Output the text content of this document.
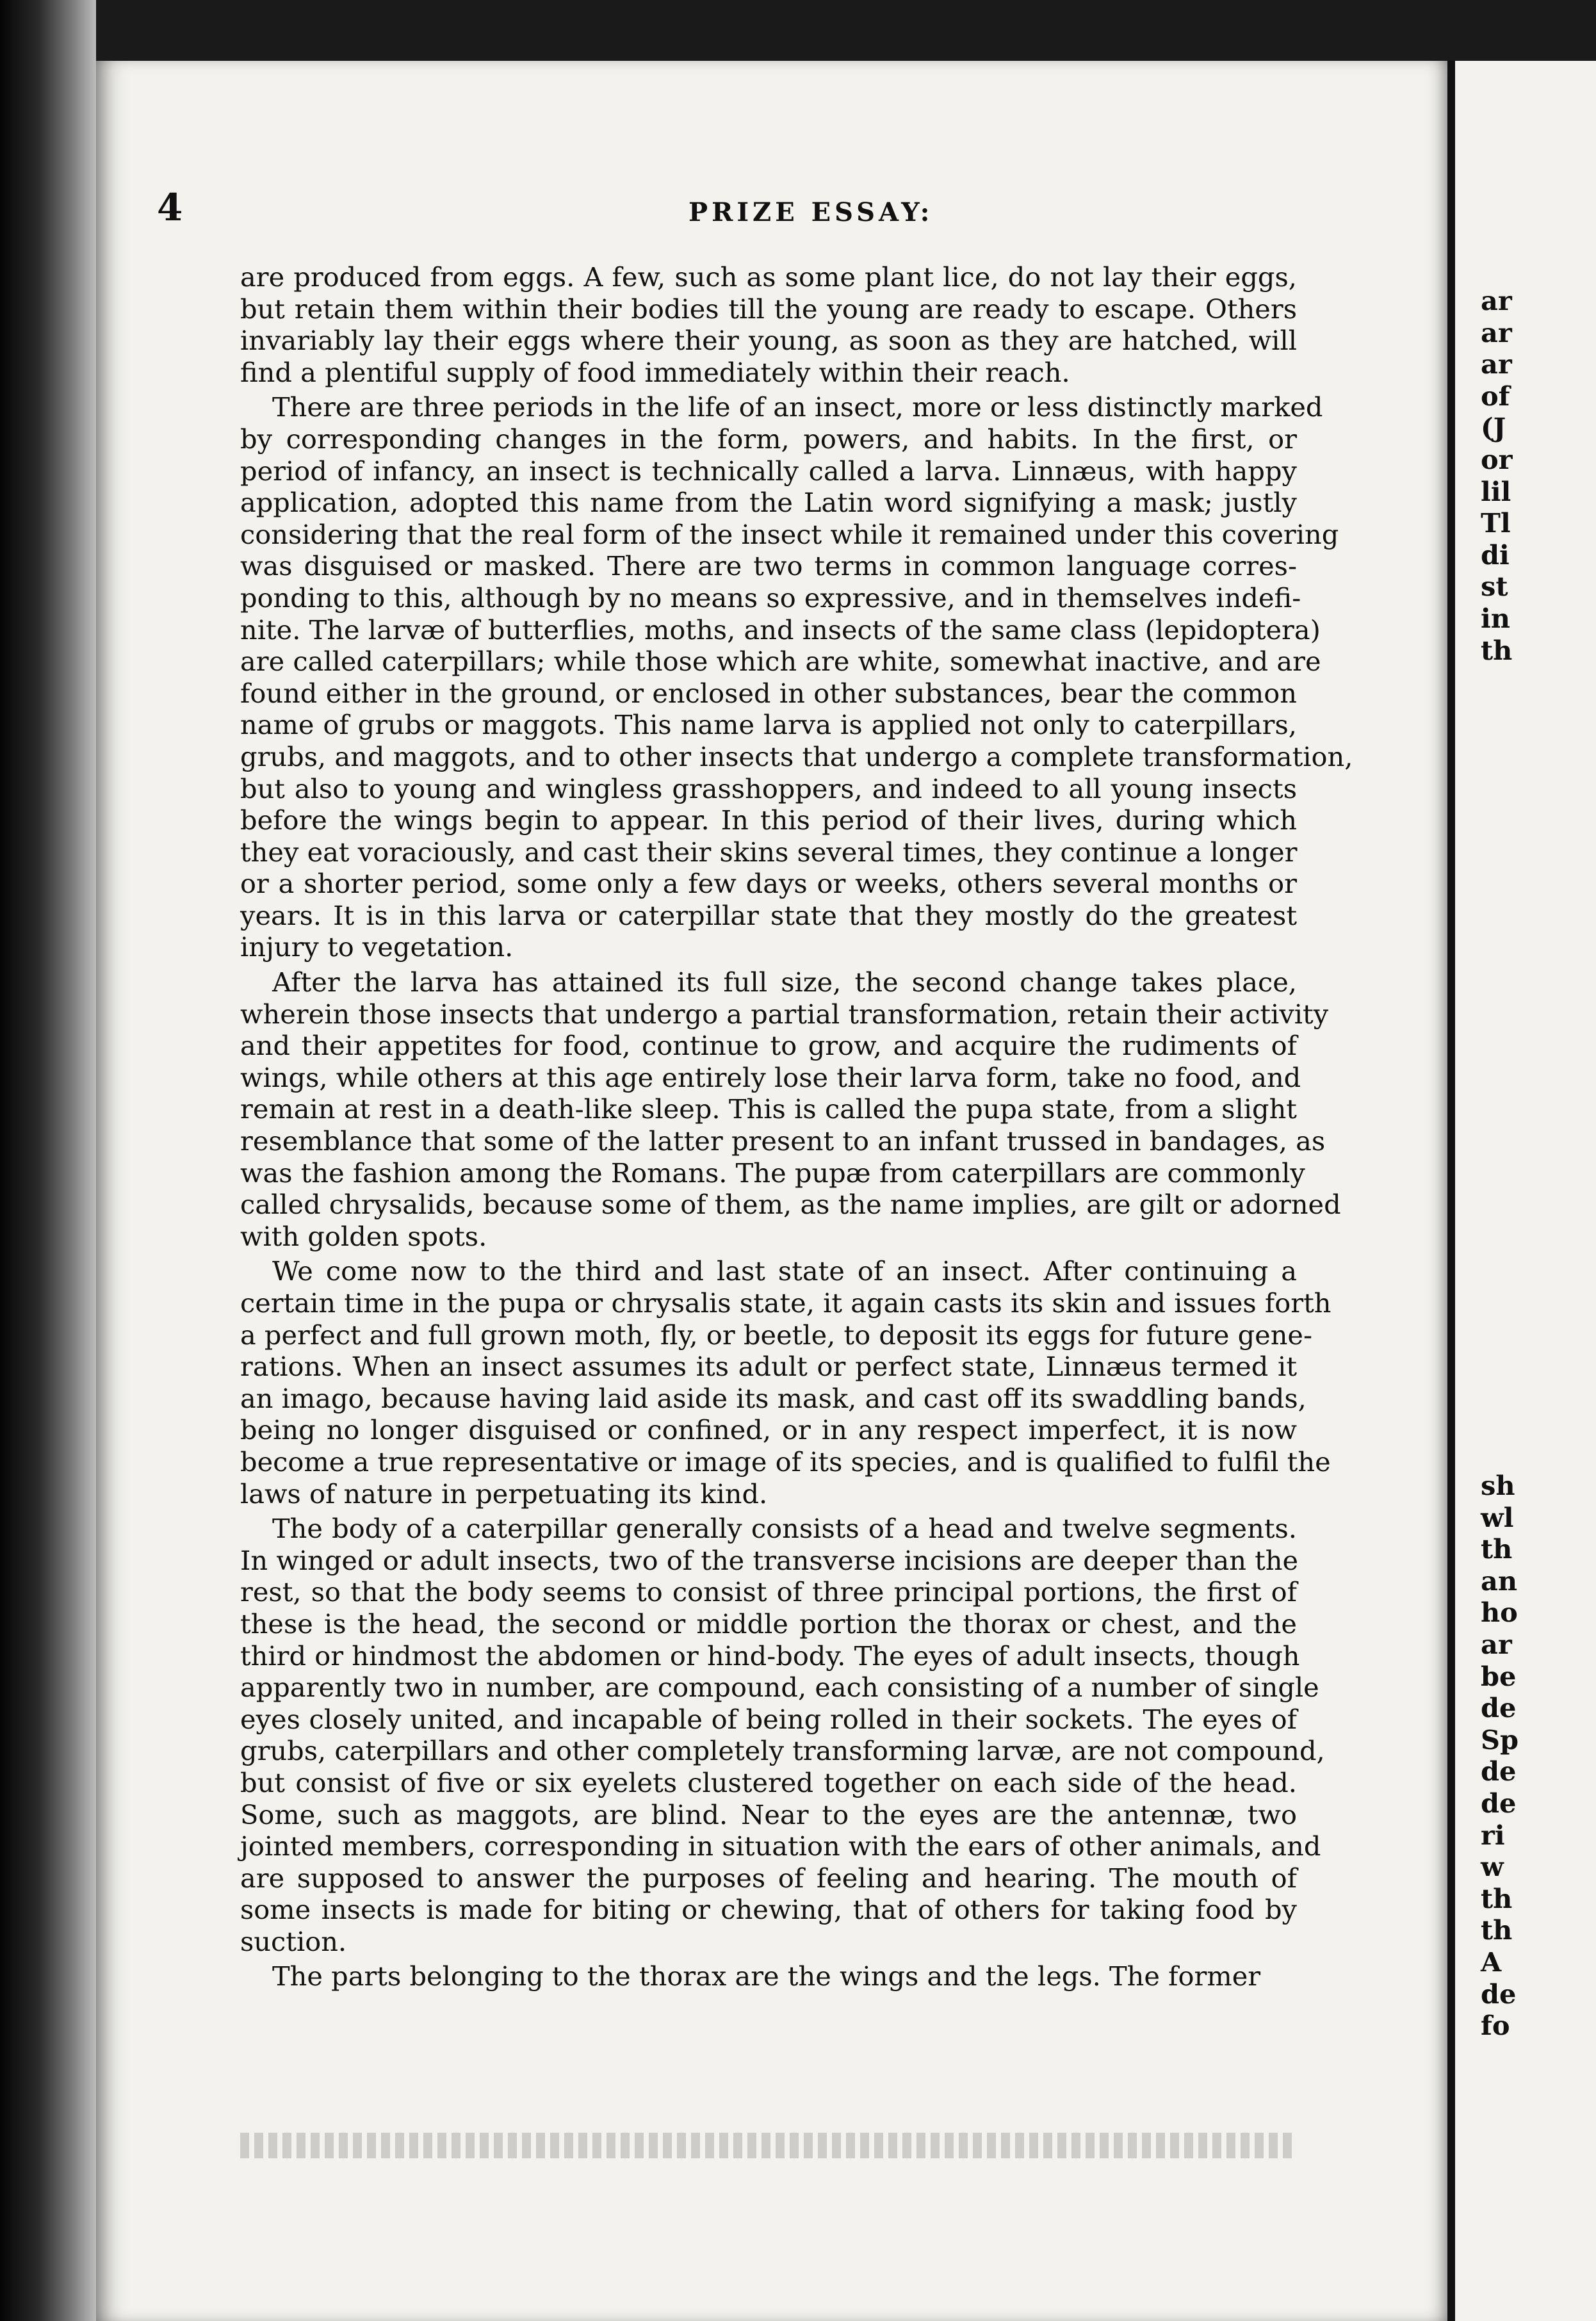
4	PRIZE ESSAY:
are produced from eggs. A few, such as some plant lice, do not lay their eggs,
but retain them within their bodies till the young are ready to escape. Others
invariably lay their eggs where their young, as soon as they are hatched, will
find a plentiful supply of food immediately within their reach.
There are three periods in the life of an insect, more or less distinctly marked
by corresponding changes in the form, powers, and habits. In the first, or
period of infancy, an insect is technically called a larva. Linnæus, with happy
application, adopted this name from the Latin word signifying a mask; justly
considering that the real form of the insect while it remained under this covering
was disguised or masked. There are two terms in common language corres-
ponding to this, although by no means so expressive, and in themselves indefi-
nite. The larvæ of butterflies, moths, and insects of the same class (lepidoptera)
are called caterpillars; while those which are white, somewhat inactive, and are
found either in the ground, or enclosed in other substances, bear the common
name of grubs or maggots. This name larva is applied not only to caterpillars,
grubs, and maggots, and to other insects that undergo a complete transformation,
but also to young and wingless grasshoppers, and indeed to all young insects
before the wings begin to appear. In this period of their lives, during which
they eat voraciously, and cast their skins several times, they continue a longer
or a shorter period, some only a few days or weeks, others several months or
years. It is in this larva or caterpillar state that they mostly do the greatest
injury to vegetation.
After the larva has attained its full size, the second change takes place,
wherein those insects that undergo a partial transformation, retain their activity
and their appetites for food, continue to grow, and acquire the rudiments of
wings, while others at this age entirely lose their larva form, take no food, and
remain at rest in a death-like sleep. This is called the pupa state, from a slight
resemblance that some of the latter present to an infant trussed in bandages, as
was the fashion among the Romans. The pupæ from caterpillars are commonly
called chrysalids, because some of them, as the name implies, are gilt or adorned
with golden spots.
We come now to the third and last state of an insect. After continuing a
certain time in the pupa or chrysalis state, it again casts its skin and issues forth
a perfect and full grown moth, fly, or beetle, to deposit its eggs for future gene-
rations. When an insect assumes its adult or perfect state, Linnæus termed it
an imago, because having laid aside its mask, and cast off its swaddling bands,
being no longer disguised or confined, or in any respect imperfect, it is now
become a true representative or image of its species, and is qualified to fulfil the
laws of nature in perpetuating its kind.
The body of a caterpillar generally consists of a head and twelve segments.
In winged or adult insects, two of the transverse incisions are deeper than the
rest, so that the body seems to consist of three principal portions, the first of
these is the head, the second or middle portion the thorax or chest, and the
third or hindmost the abdomen or hind-body. The eyes of adult insects, though
apparently two in number, are compound, each consisting of a number of single
eyes closely united, and incapable of being rolled in their sockets. The eyes of
grubs, caterpillars and other completely transforming larvæ, are not compound,
but consist of five or six eyelets clustered together on each side of the head.
Some, such as maggots, are blind. Near to the eyes are the antennæ, two
jointed members, corresponding in situation with the ears of other animals, and
are supposed to answer the purposes of feeling and hearing. The mouth of
some insects is made for biting or chewing, that of others for taking food by
suction.
The parts belonging to the thorax are the wings and the legs. The former
ar
ar
ar
of
(J
or
lil
Tl
di
st
in
th
sh
wl
th
an
ho
ar
be
de
Sp
de
de
ri
w
th
th
A
de
fo
